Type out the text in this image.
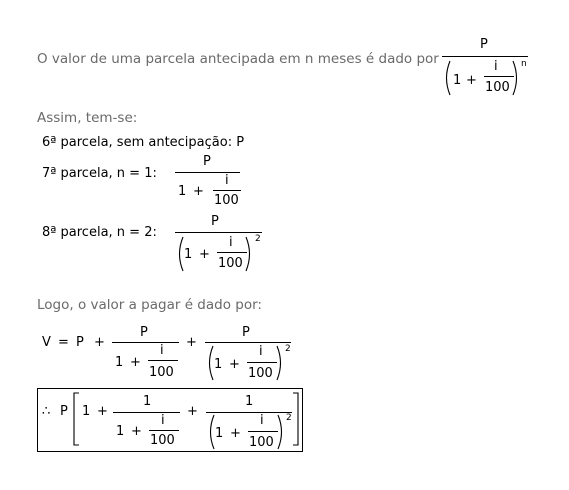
O valor de uma parcela antecipada em n meses é dado por
P
1 +
i
100
n
Assim, tem-se:
6ª parcela, sem antecipação: P
7ª parcela, n = 1:
P
1 +
i
100
8ª parcela, n = 2:
P
1 +
i
100
2
Logo, o valor a pagar é dado por:
V = P +
P
1 +
i
100
+
P
1 +
i
100
2
∴ P 1 +
1
1 +
i
100
+
1
1 +
i
100
2
